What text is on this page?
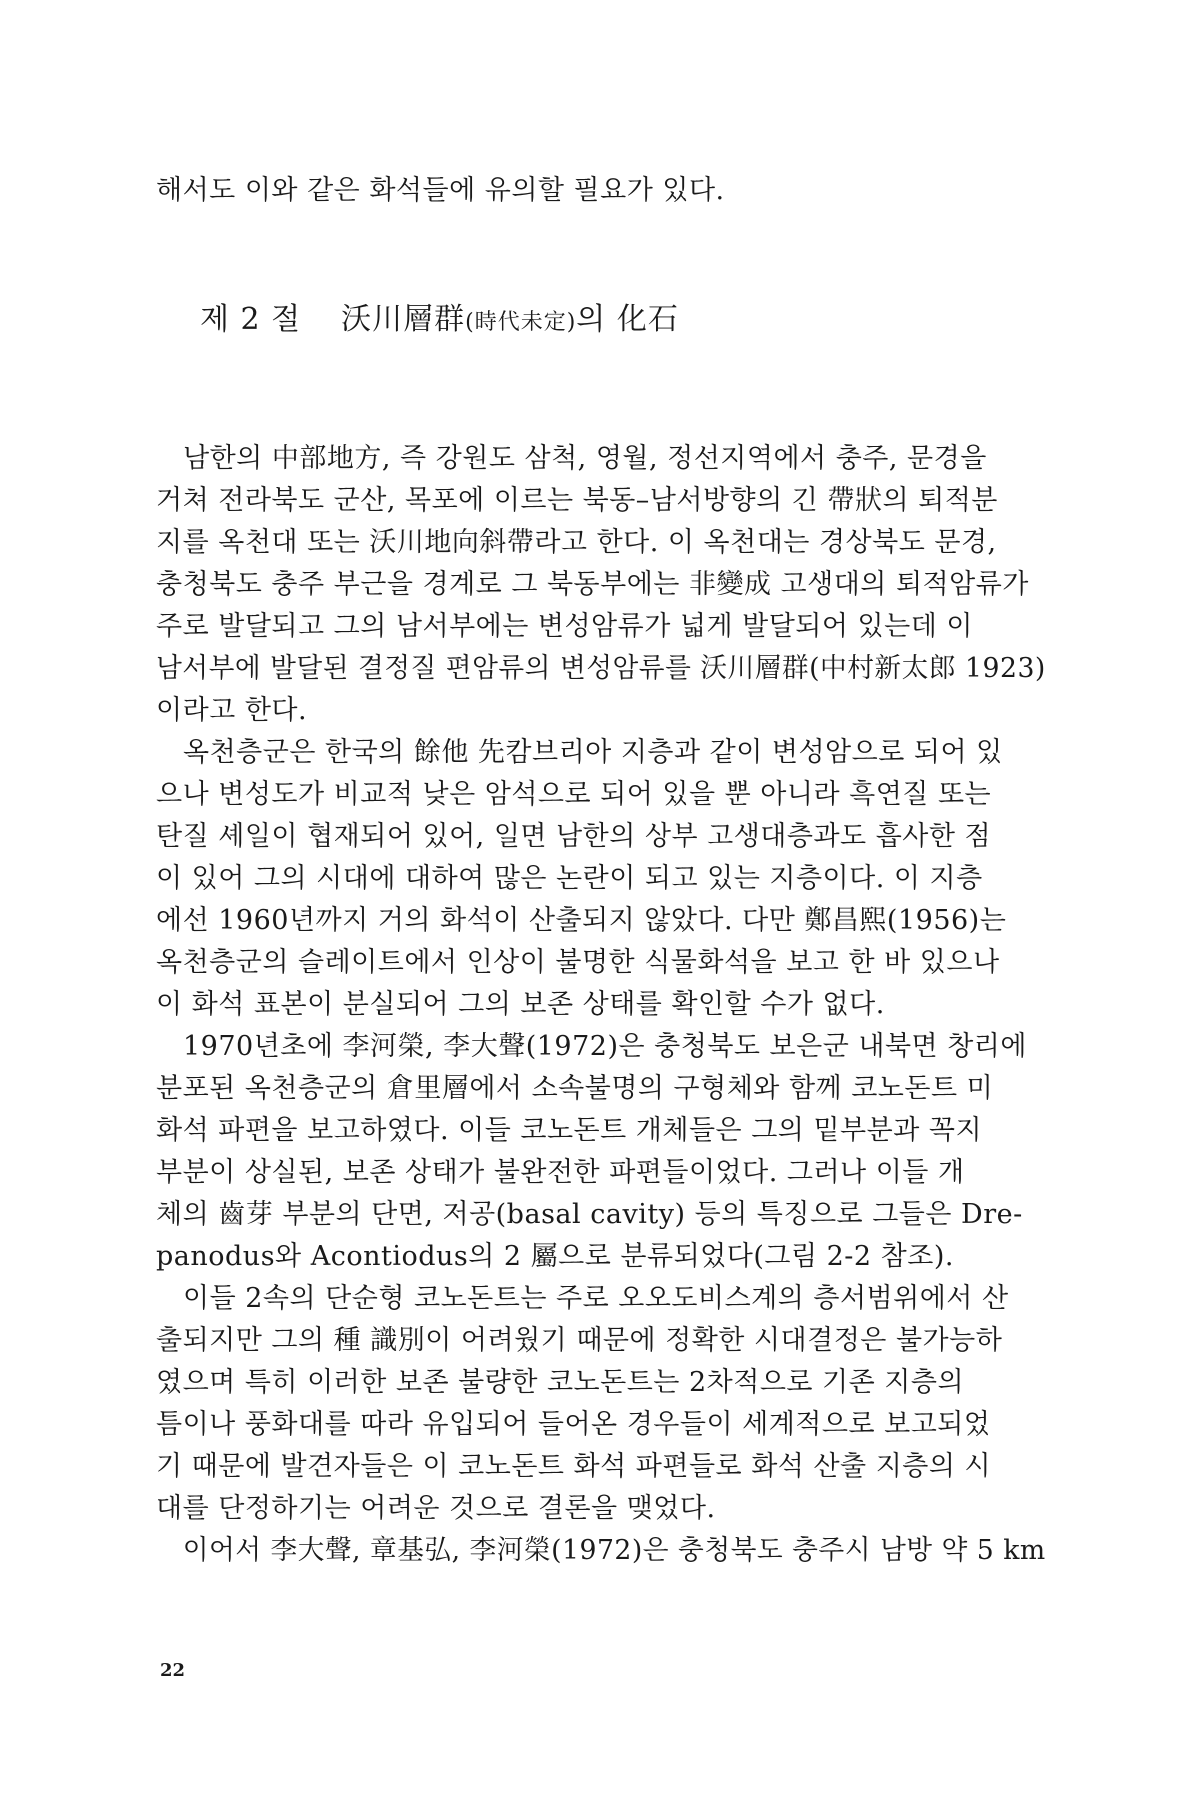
해서도 이와 같은 화석들에 유의할 필요가 있다.
제 2 절 沃川層群(時代未定)의 化石
남한의 中部地方, 즉 강원도 삼척, 영월, 정선지역에서 충주, 문경을
거쳐 전라북도 군산, 목포에 이르는 북동–남서방향의 긴 帶狀의 퇴적분
지를 옥천대 또는 沃川地向斜帶라고 한다. 이 옥천대는 경상북도 문경,
충청북도 충주 부근을 경계로 그 북동부에는 非變成 고생대의 퇴적암류가
주로 발달되고 그의 남서부에는 변성암류가 넓게 발달되어 있는데 이
남서부에 발달된 결정질 편암류의 변성암류를 沃川層群(中村新太郎 1923)
이라고 한다.
옥천층군은 한국의 餘他 先캄브리아 지층과 같이 변성암으로 되어 있
으나 변성도가 비교적 낮은 암석으로 되어 있을 뿐 아니라 흑연질 또는
탄질 셰일이 협재되어 있어, 일면 남한의 상부 고생대층과도 흡사한 점
이 있어 그의 시대에 대하여 많은 논란이 되고 있는 지층이다. 이 지층
에선 1960년까지 거의 화석이 산출되지 않았다. 다만 鄭昌熙(1956)는
옥천층군의 슬레이트에서 인상이 불명한 식물화석을 보고 한 바 있으나
이 화석 표본이 분실되어 그의 보존 상태를 확인할 수가 없다.
1970년초에 李河榮, 李大聲(1972)은 충청북도 보은군 내북면 창리에
분포된 옥천층군의 倉里層에서 소속불명의 구형체와 함께 코노돈트 미
화석 파편을 보고하였다. 이들 코노돈트 개체들은 그의 밑부분과 꼭지
부분이 상실된, 보존 상태가 불완전한 파편들이었다. 그러나 이들 개
체의 齒芽 부분의 단면, 저공(basal cavity) 등의 특징으로 그들은 Dre-
panodus와 Acontiodus의 2 屬으로 분류되었다(그림 2-2 참조).
이들 2속의 단순형 코노돈트는 주로 오오도비스계의 층서범위에서 산
출되지만 그의 種 識別이 어려웠기 때문에 정확한 시대결정은 불가능하
였으며 특히 이러한 보존 불량한 코노돈트는 2차적으로 기존 지층의
틈이나 풍화대를 따라 유입되어 들어온 경우들이 세계적으로 보고되었
기 때문에 발견자들은 이 코노돈트 화석 파편들로 화석 산출 지층의 시
대를 단정하기는 어려운 것으로 결론을 맺었다.
이어서 李大聲, 章基弘, 李河榮(1972)은 충청북도 충주시 남방 약 5 km
22
